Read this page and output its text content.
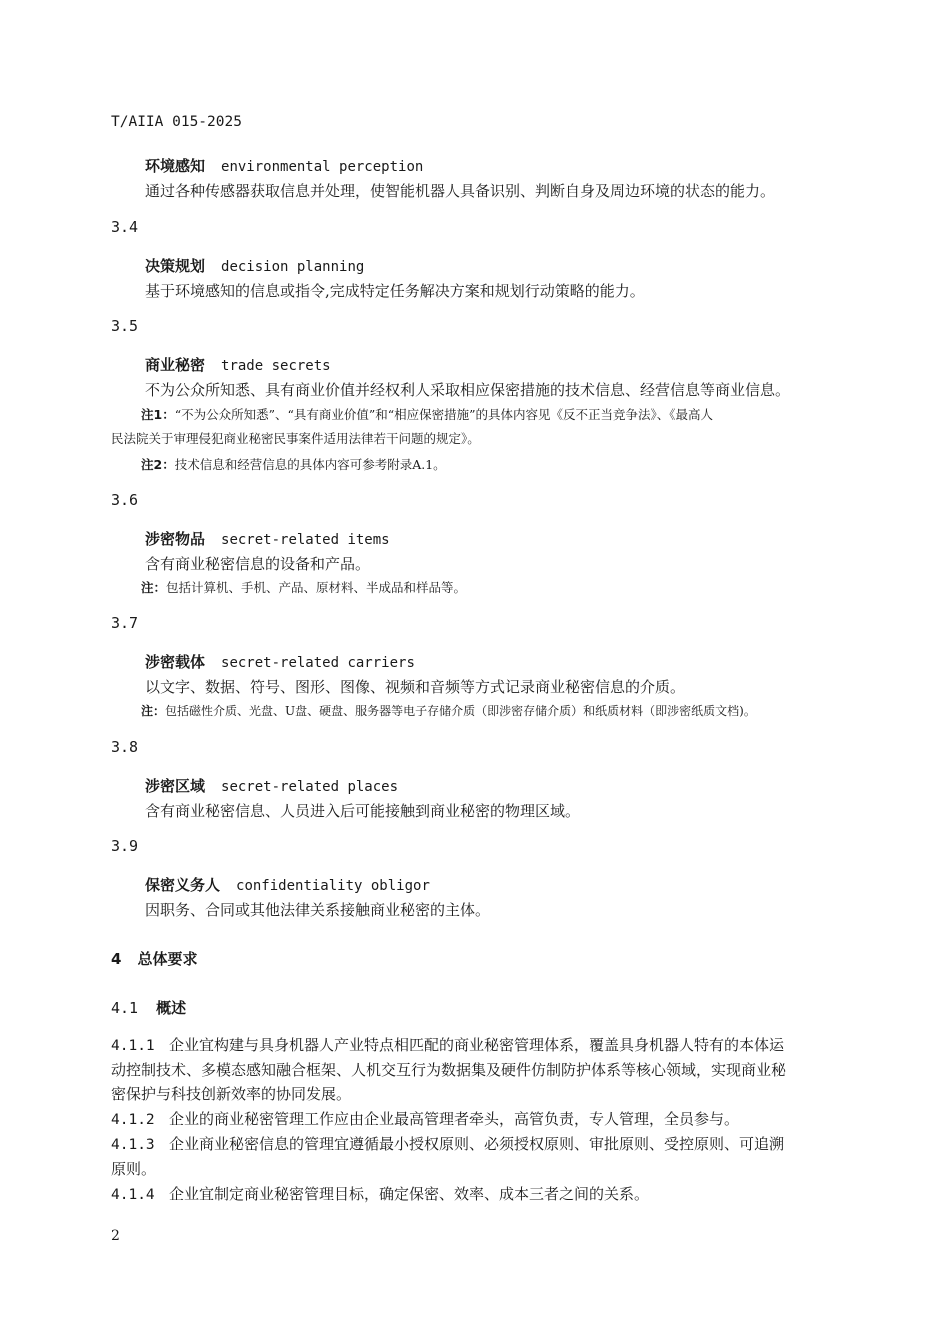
T/AIIA 015-2025
环境感知 environmental perception
通过各种传感器获取信息并处理，使智能机器人具备识别、判断自身及周边环境的状态的能力。
3.4
决策规划 decision planning
基于环境感知的信息或指令,完成特定任务解决方案和规划行动策略的能力。
3.5
商业秘密 trade secrets
不为公众所知悉、具有商业价值并经权利人采取相应保密措施的技术信息、经营信息等商业信息。
注1：“不为公众所知悉”、“具有商业价值”和“相应保密措施”的具体内容见《反不正当竞争法》、《最高人
民法院关于审理侵犯商业秘密民事案件适用法律若干问题的规定》。
注2：技术信息和经营信息的具体内容可参考附录A.1。
3.6
涉密物品 secret-related items
含有商业秘密信息的设备和产品。
注：包括计算机、手机、产品、原材料、半成品和样品等。
3.7
涉密载体 secret-related carriers
以文字、数据、符号、图形、图像、视频和音频等方式记录商业秘密信息的介质。
注：包括磁性介质、光盘、U盘、硬盘、服务器等电子存储介质（即涉密存储介质）和纸质材料（即涉密纸质文档)。
3.8
涉密区域 secret-related places
含有商业秘密信息、人员进入后可能接触到商业秘密的物理区域。
3.9
保密义务人 confidentiality obligor
因职务、合同或其他法律关系接触商业秘密的主体。
4 总体要求
4.1 概述
4.1.1 企业宜构建与具身机器人产业特点相匹配的商业秘密管理体系，覆盖具身机器人特有的本体运
动控制技术、多模态感知融合框架、人机交互行为数据集及硬件仿制防护体系等核心领域，实现商业秘
密保护与科技创新效率的协同发展。
4.1.2 企业的商业秘密管理工作应由企业最高管理者牵头，高管负责，专人管理，全员参与。
4.1.3 企业商业秘密信息的管理宜遵循最小授权原则、必须授权原则、审批原则、受控原则、可追溯
原则。
4.1.4 企业宜制定商业秘密管理目标，确定保密、效率、成本三者之间的关系。
2
